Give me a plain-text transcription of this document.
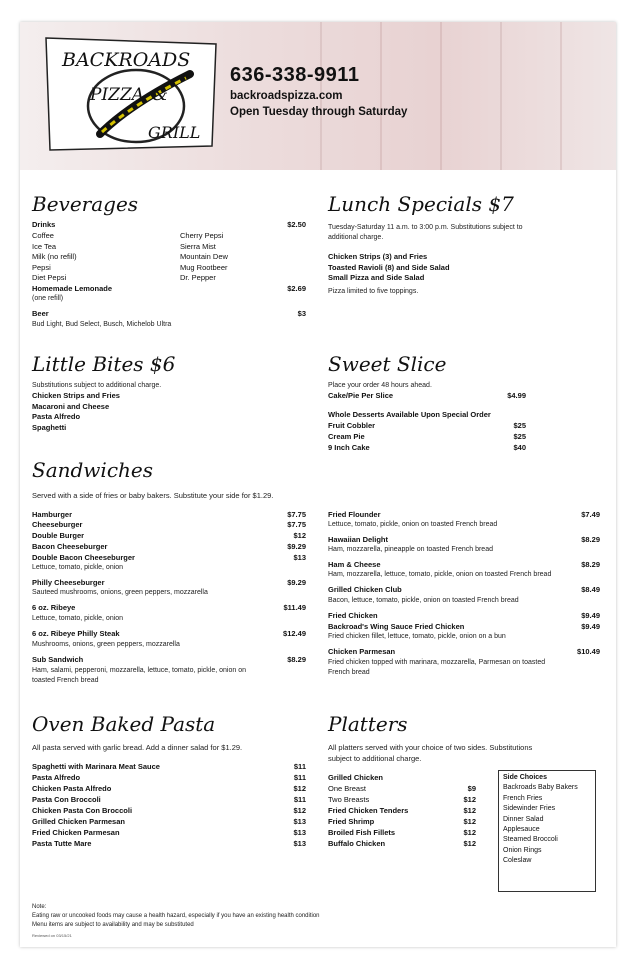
BACKROADS
PIZZA &
GRILL
636-338-9911
backroadspizza.com
Open Tuesday through Saturday
Beverages
Drinks	$2.50
Coffee
Ice Tea
Milk (no refill)
Pepsi
Diet Pepsi
Cherry Pepsi
Sierra Mist
Mountain Dew
Mug Rootbeer
Dr. Pepper
Homemade Lemonade	$2.69
(one refill)
Beer	$3
Bud Light, Bud Select, Busch, Michelob Ultra
Lunch Specials $7
Tuesday-Saturday 11 a.m. to 3:00 p.m. Substitutions subject to
additional charge.
Chicken Strips (3) and Fries
Toasted Ravioli (8) and Side Salad
Small Pizza and Side Salad
Pizza limited to five toppings.
Little Bites $6
Substitutions subject to additional charge.
Chicken Strips and Fries
Macaroni and Cheese
Pasta Alfredo
Spaghetti
Sweet Slice
Place your order 48 hours ahead.
Cake/Pie Per Slice	$4.99
Whole Desserts Available Upon Special Order
Fruit Cobbler	$25
Cream Pie	$25
9 Inch Cake	$40
Sandwiches
Served with a side of fries or baby bakers. Substitute your side for $1.29.
Hamburger	$7.75
Cheeseburger	$7.75
Double Burger	$12
Bacon Cheeseburger	$9.29
Double Bacon Cheeseburger	$13
Lettuce, tomato, pickle, onion
Philly Cheeseburger	$9.29
Sauteed mushrooms, onions, green peppers, mozzarella
6 oz. Ribeye	$11.49
Lettuce, tomato, pickle, onion
6 oz. Ribeye Philly Steak	$12.49
Mushrooms, onions, green peppers, mozzarella
Sub Sandwich	$8.29
Ham, salami, pepperoni, mozzarella, lettuce, tomato, pickle, onion on
toasted French bread
Fried Flounder	$7.49
Lettuce, tomato, pickle, onion on toasted French bread
Hawaiian Delight	$8.29
Ham, mozzarella, pineapple on toasted French bread
Ham & Cheese	$8.29
Ham, mozzarella, lettuce, tomato, pickle, onion on toasted French bread
Grilled Chicken Club	$8.49
Bacon, lettuce, tomato, pickle, onion on toasted French bread
Fried Chicken	$9.49
Backroad's Wing Sauce Fried Chicken	$9.49
Fried chicken fillet, lettuce, tomato, pickle, onion on a bun
Chicken Parmesan	$10.49
Fried chicken topped with marinara, mozzarella, Parmesan on toasted
French bread
Oven Baked Pasta
All pasta served with garlic bread. Add a dinner salad for $1.29.
Spaghetti with Marinara Meat Sauce	$11
Pasta Alfredo	$11
Chicken Pasta Alfredo	$12
Pasta Con Broccoli	$11
Chicken Pasta Con Broccoli	$12
Grilled Chicken Parmesan	$13
Fried Chicken Parmesan	$13
Pasta Tutte Mare	$13
Platters
All platters served with your choice of two sides. Substitutions
subject to additional charge.
Grilled Chicken
One Breast	$9
Two Breasts	$12
Fried Chicken Tenders	$12
Fried Shrimp	$12
Broiled Fish Fillets	$12
Buffalo Chicken	$12
Side Choices
Backroads Baby Bakers
French Fries
Sidewinder Fries
Dinner Salad
Applesauce
Steamed Broccoli
Onion Rings
Coleslaw
Note:
Eating raw or uncooked foods may cause a health hazard, especially if you have an existing health condition
Menu items are subject to availability and may be substituted
Reviewed on 03/15/21
